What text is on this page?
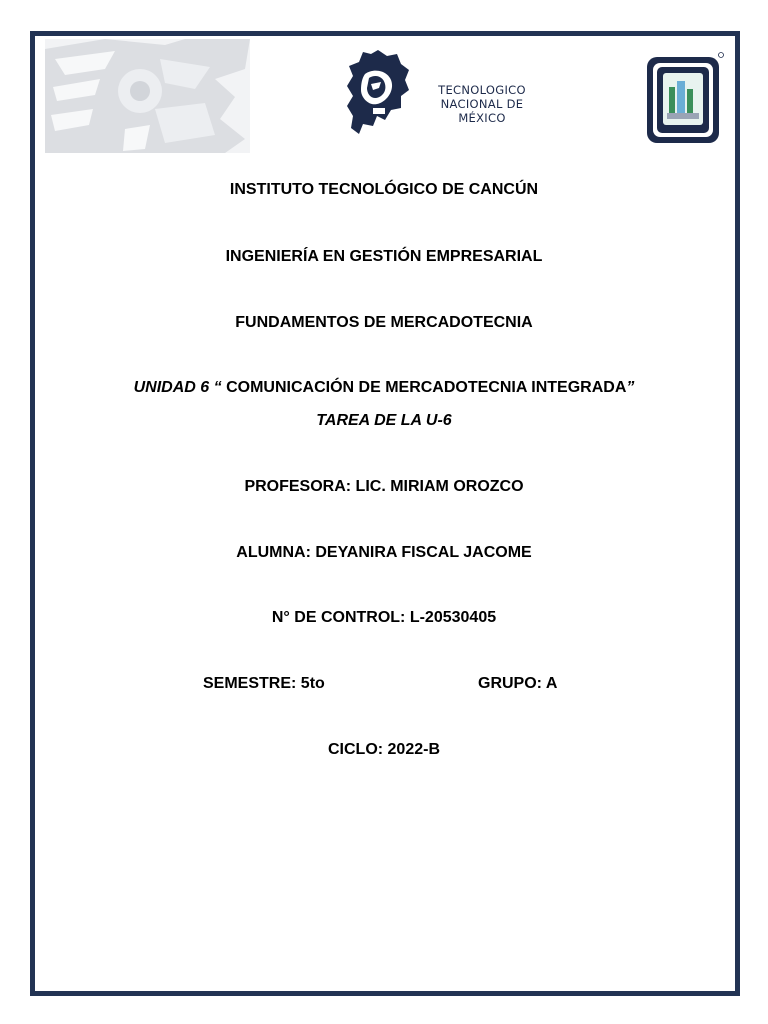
TECNOLOGICO
NACIONAL DE MÉXICO
INSTITUTO TECNOLÓGICO DE CANCÚN
INGENIERÍA EN GESTIÓN EMPRESARIAL
FUNDAMENTOS DE MERCADOTECNIA
UNIDAD 6 “ COMUNICACIÓN DE MERCADOTECNIA INTEGRADA”
TAREA DE LA U-6
PROFESORA: LIC. MIRIAM OROZCO
ALUMNA: DEYANIRA FISCAL JACOME
N° DE CONTROL: L-20530405
SEMESTRE: 5to	GRUPO: A
CICLO: 2022-B
